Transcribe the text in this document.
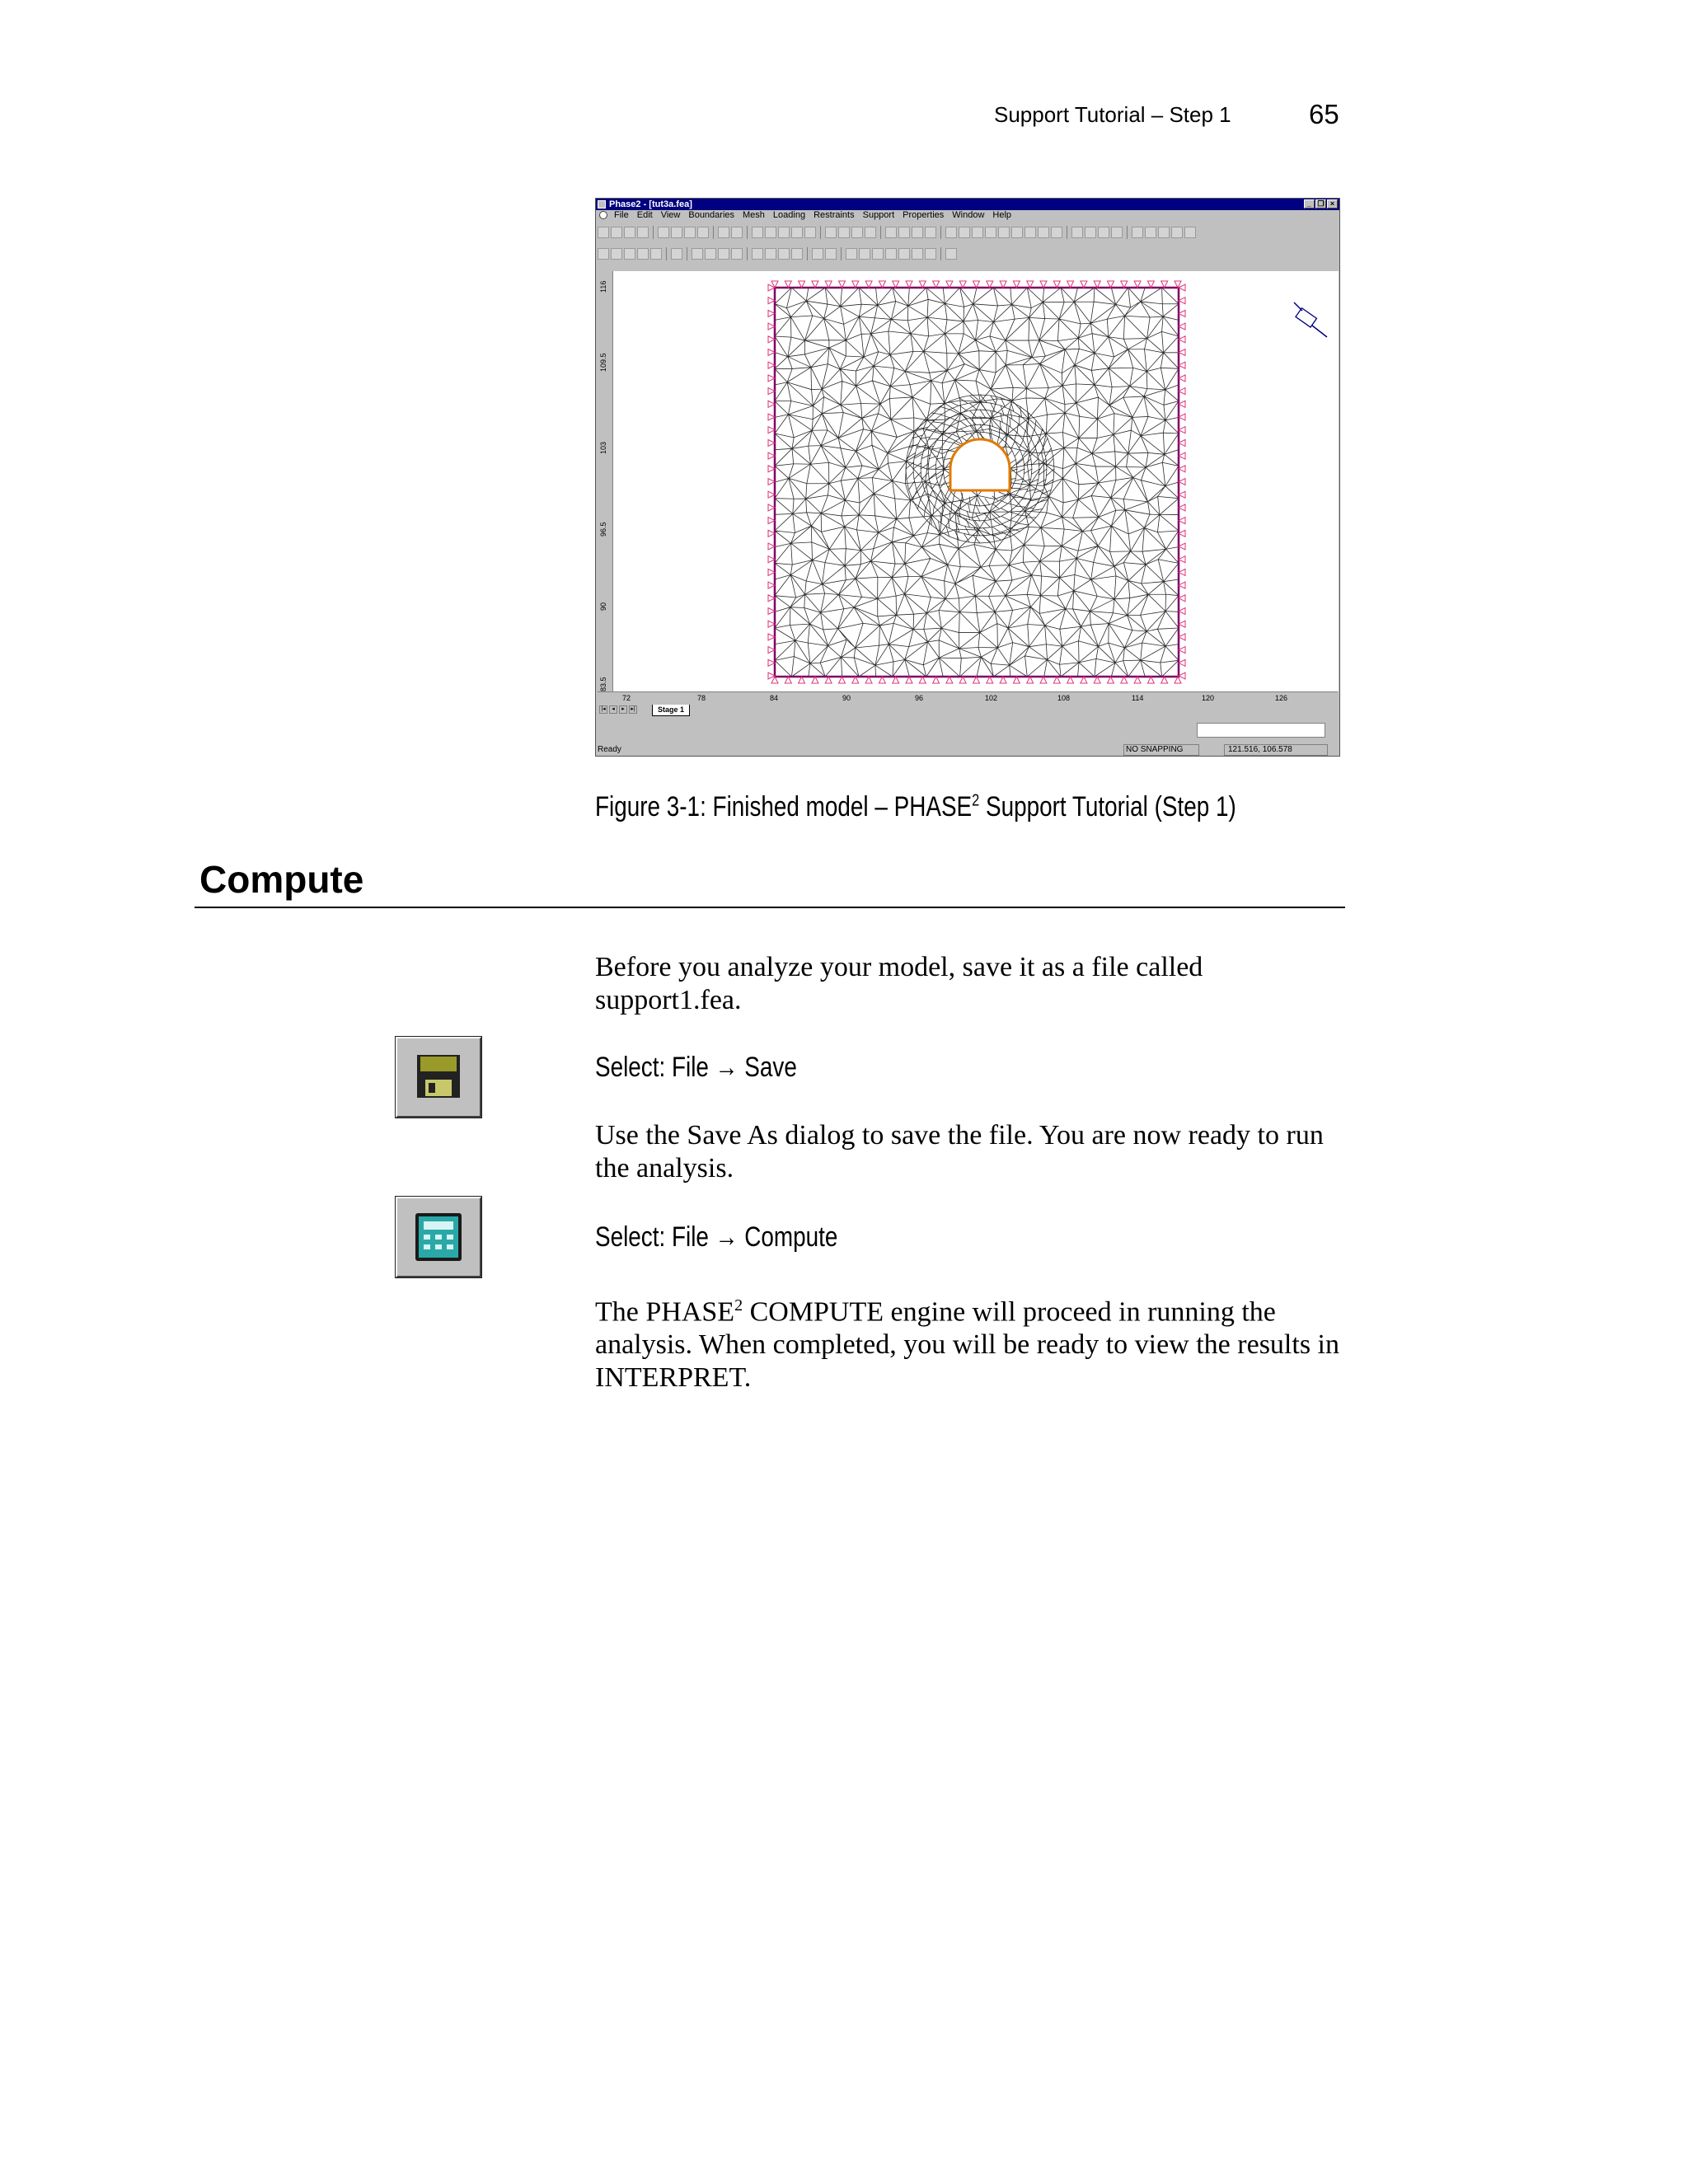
Support Tutorial – Step 1	65
Phase2 - [tut3a.fea]	_ ❐ ×
File Edit View Boundaries Mesh Loading Restraints Support Properties Window Help
116
109.5
103
96.5
90
83.5
72	78	84	90	96	102	108	114	120	126
|◂	◂	▸	▸|	Stage 1
Ready	NO SNAPPING	121.516, 106.578
Figure 3-1: Finished model – PHASE$^2$ Support Tutorial (Step 1)
Compute
Before you analyze your model, save it as a file called support1.fea.
Select: File → Save
Use the Save As dialog to save the file. You are now ready to run the analysis.
Select: File → Compute
The PHASE$^2$ COMPUTE engine will proceed in running the analysis. When completed, you will be ready to view the results in INTERPRET.
